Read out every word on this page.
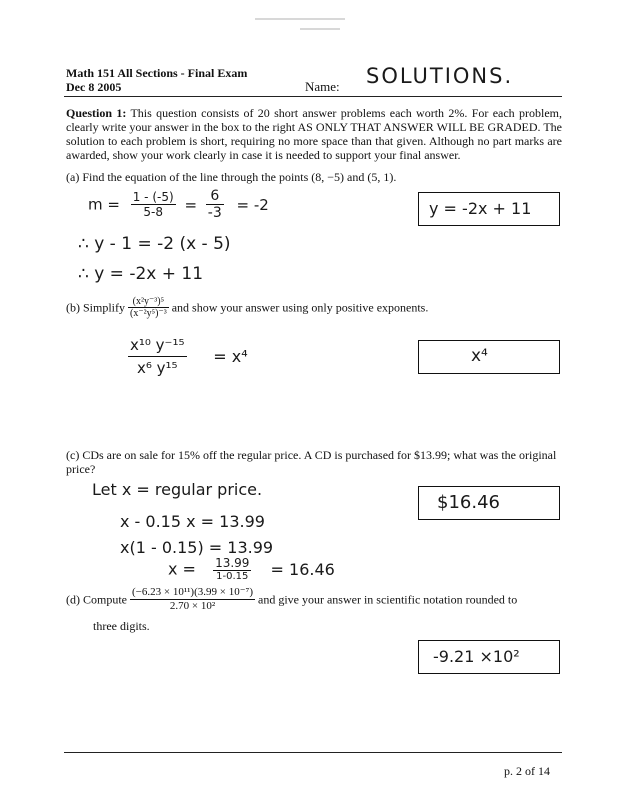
Math 151 All Sections - Final Exam
Dec 8 2005	Name: SOLUTIONS.
Question 1: This question consists of 20 short answer problems each worth 2%. For each problem, clearly write your answer in the box to the right AS ONLY THAT ANSWER WILL BE GRADED. The solution to each problem is short, requiring no more space than that given. Although no part marks are awarded, show your work clearly in case it is needed to support your final answer.
(a) Find the equation of the line through the points (8, −5) and (5, 1).
$m = \frac{1 - (-5)}{5-8} = \frac{6}{-3} = -2$
∴ y - 1 = -2 (x - 5)
∴ y = -2x + 11
y = -2x + 11
(b) Simplify $\frac{\text{(x²y⁻³)⁵}}{\text{(x⁻²y⁵)⁻³}}$ and show your answer using only positive exponents.
$\frac{\text{x¹⁰ y⁻¹⁵}}{\text{x⁶ y¹⁵}} = x^4$	x⁴
(c) CDs are on sale for 15% off the regular price. A CD is purchased for $13.99; what was the original price?
Let x = regular price.
x - 0.15 x = 13.99
x(1 - 0.15) = 13.99
$x = \frac{13.99}{1-0.15} = 16.46$
$16.46
(d) Compute $\frac{\text{(−6.23 × 10¹¹)(3.99 × 10⁻⁷)}}{\text{2.70 × 10²}}$ and give your answer in scientific notation rounded to
three digits.
-9.21 ×10²
p. 2 of 14
